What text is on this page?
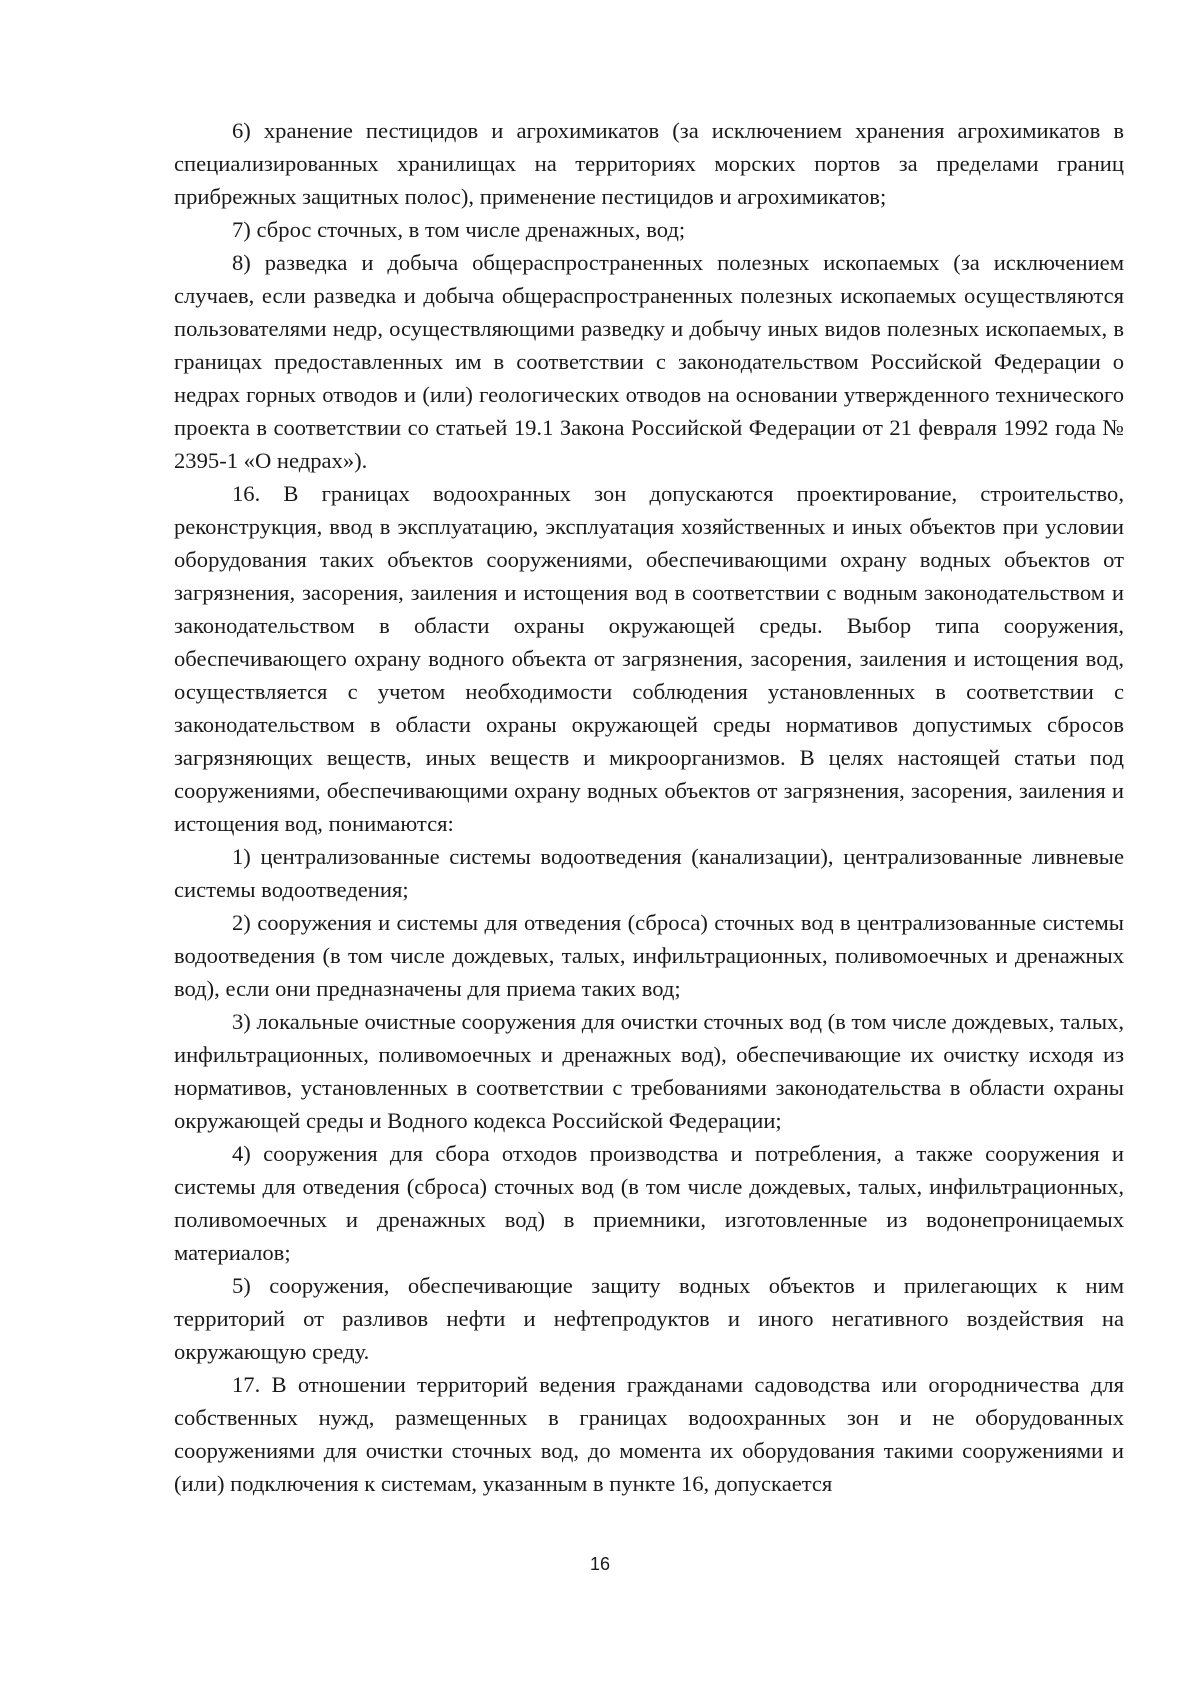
6) хранение пестицидов и агрохимикатов (за исключением хранения агрохимикатов в специализированных хранилищах на территориях морских портов за пределами границ прибрежных защитных полос), применение пестицидов и агрохимикатов;

7) сброс сточных, в том числе дренажных, вод;

8) разведка и добыча общераспространенных полезных ископаемых (за исключением случаев, если разведка и добыча общераспространенных полезных ископаемых осуществляются пользователями недр, осуществляющими разведку и добычу иных видов полезных ископаемых, в границах предоставленных им в соответствии с законодательством Российской Федерации о недрах горных отводов и (или) геологических отводов на основании утвержденного технического проекта в соответствии со статьей 19.1 Закона Российской Федерации от 21 февраля 1992 года № 2395-1 «О недрах»).

16. В границах водоохранных зон допускаются проектирование, строительство, реконструкция, ввод в эксплуатацию, эксплуатация хозяйственных и иных объектов при условии оборудования таких объектов сооружениями, обеспечивающими охрану водных объектов от загрязнения, засорения, заиления и истощения вод в соответствии с водным законодательством и законодательством в области охраны окружающей среды. Выбор типа сооружения, обеспечивающего охрану водного объекта от загрязнения, засорения, заиления и истощения вод, осуществляется с учетом необходимости соблюдения установленных в соответствии с законодательством в области охраны окружающей среды нормативов допустимых сбросов загрязняющих веществ, иных веществ и микроорганизмов. В целях настоящей статьи под сооружениями, обеспечивающими охрану водных объектов от загрязнения, засорения, заиления и истощения вод, понимаются:

1) централизованные системы водоотведения (канализации), централизованные ливневые системы водоотведения;

2) сооружения и системы для отведения (сброса) сточных вод в централизованные системы водоотведения (в том числе дождевых, талых, инфильтрационных, поливомоечных и дренажных вод), если они предназначены для приема таких вод;

3) локальные очистные сооружения для очистки сточных вод (в том числе дождевых, талых, инфильтрационных, поливомоечных и дренажных вод), обеспечивающие их очистку исходя из нормативов, установленных в соответствии с требованиями законодательства в области охраны окружающей среды и Водного кодекса Российской Федерации;

4) сооружения для сбора отходов производства и потребления, а также сооружения и системы для отведения (сброса) сточных вод (в том числе дождевых, талых, инфильтрационных, поливомоечных и дренажных вод) в приемники, изготовленные из водонепроницаемых материалов;

5) сооружения, обеспечивающие защиту водных объектов и прилегающих к ним территорий от разливов нефти и нефтепродуктов и иного негативного воздействия на окружающую среду.

17. В отношении территорий ведения гражданами садоводства или огородничества для собственных нужд, размещенных в границах водоохранных зон и не оборудованных сооружениями для очистки сточных вод, до момента их оборудования такими сооружениями и (или) подключения к системам, указанным в пункте 16, допускается

16
